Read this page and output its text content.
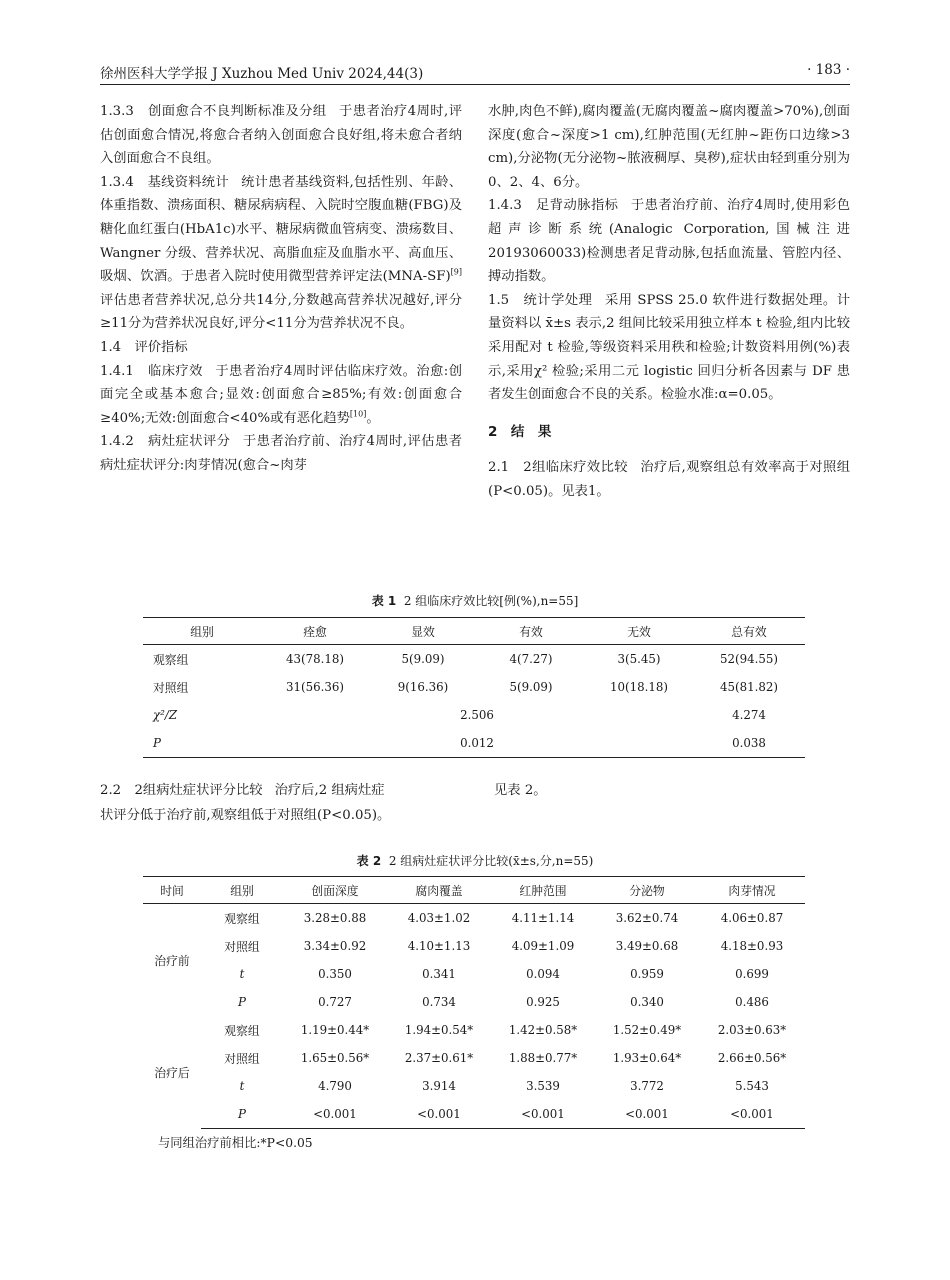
徐州医科大学学报 J Xuzhou Med Univ 2024,44(3)	· 183 ·

1.3.3　创面愈合不良判断标准及分组 于患者治疗4周时,评估创面愈合情况,将愈合者纳入创面愈合良好组,将未愈合者纳入创面愈合不良组。

1.3.4　基线资料统计 统计患者基线资料,包括性别、年龄、体重指数、溃疡面积、糖尿病病程、入院时空腹血糖(FBG)及糖化血红蛋白(HbA1c)水平、糖尿病微血管病变、溃疡数目、Wangner 分级、营养状况、高脂血症及血脂水平、高血压、吸烟、饮酒。于患者入院时使用微型营养评定法(MNA-SF)[9]评估患者营养状况,总分共14分,分数越高营养状况越好,评分≥11分为营养状况良好,评分<11分为营养状况不良。

1.4　评价指标

1.4.1　临床疗效 于患者治疗4周时评估临床疗效。治愈:创面完全或基本愈合;显效:创面愈合≥85%;有效:创面愈合≥40%;无效:创面愈合<40%或有恶化趋势[10]。

1.4.2　病灶症状评分 于患者治疗前、治疗4周时,评估患者病灶症状评分:肉芽情况(愈合~肉芽

水肿,肉色不鲜),腐肉覆盖(无腐肉覆盖~腐肉覆盖>70%),创面深度(愈合~深度>1 cm),红肿范围(无红肿~距伤口边缘>3 cm),分泌物(无分泌物~脓液稠厚、臭秽),症状由轻到重分别为0、2、4、6分。

1.4.3　足背动脉指标 于患者治疗前、治疗4周时,使用彩色超声诊断系统(Analogic Corporation,国械注进 20193060033)检测患者足背动脉,包括血流量、管腔内径、搏动指数。

1.5　统计学处理 采用 SPSS 25.0 软件进行数据处理。计量资料以 x̄±s 表示,2 组间比较采用独立样本 t 检验,组内比较采用配对 t 检验,等级资料采用秩和检验;计数资料用例(%)表示,采用χ² 检验;采用二元 logistic 回归分析各因素与 DF 患者发生创面愈合不良的关系。检验水准:α=0.05。

2　结　果

2.1　2组临床疗效比较 治疗后,观察组总有效率高于对照组(P<0.05)。见表1。

表 1 2 组临床疗效比较[例(%),n=55]
组别	痊愈	显效	有效	无效	总有效
观察组	43(78.18)	5(9.09)	4(7.27)	3(5.45)	52(94.55)
对照组	31(56.36)	9(16.36)	5(9.09)	10(18.18)	45(81.82)
χ²/Z	2.506				4.274
P	0.012				0.038
2.2　2组病灶症状评分比较 治疗后,2 组病灶症	见表 2。
状评分低于治疗前,观察组低于对照组(P<0.05)。
表 2 2 组病灶症状评分比较(x̄±s,分,n=55)
时间	组别	创面深度	腐肉覆盖	红肿范围	分泌物	肉芽情况
治疗前	观察组	3.28±0.88	4.03±1.02	4.11±1.14	3.62±0.74	4.06±0.87
	对照组	3.34±0.92	4.10±1.13	4.09±1.09	3.49±0.68	4.18±0.93
	t	0.350	0.341	0.094	0.959	0.699
	P	0.727	0.734	0.925	0.340	0.486
治疗后	观察组	1.19±0.44*	1.94±0.54*	1.42±0.58*	1.52±0.49*	2.03±0.63*
	对照组	1.65±0.56*	2.37±0.61*	1.88±0.77*	1.93±0.64*	2.66±0.56*
	t	4.790	3.914	3.539	3.772	5.543
	P	<0.001	<0.001	<0.001	<0.001	<0.001
与同组治疗前相比:*P<0.05
